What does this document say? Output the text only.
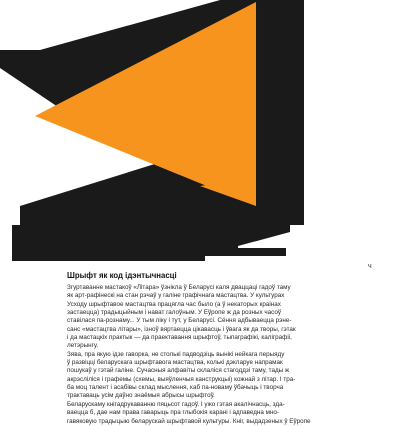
Шрыфт як код ідэнтычнасці
Згуртаванне мастакоў «Літара» ўзнікла ў Беларусі каля дваццаці гадоў таму
як арт-рафінескі на стан рэчаў у галіне графічнага мастацтва. У культурах
Усходу шрыфтавое мастацтва працягла час было (а ў некаторых краінах
застаецца) традыцыйным і нават галоўным. У Еўропе ж да розных часоў
ставілася па-рознаму... У тым ліку і тут, у Беларусі. Сёння адбываецца рэне-
санс «мастацтва літары», ізноў вяртаецца цікавасць і ўвага як да творы, гэтак
і да мастацкіх практык — да праектавання шрыфтоў, тыпаграфікі, каліграфіі,
летэрынгу.
Зява, пра якую ідзе гаворка, не столькі падводзіць вынікі нейкага перыяду
ў развіцці беларускага шрыфтавога мастацтва, колькі дэкларуе напрамак
пошукаў у гэтай галіне. Сучасныя алфавіты склаліся стагоддзі таму, тады ж
акрэсліліся і графемы (схемы, выяўленчыя канструкцыі) кожнай з літар. І тра-
ба моц талент і асабівы склад мыслення, каб па-новаму ўбачыць і творча
трактаваць усім даўно знаёмыя абрысы шрыфтоў.
Беларускаму кнігадрукаванню пяцьсот гадоў. І ужо гэтая акалічнасць, зда-
ваецца б, дае нам права гаварыць пра глыбокія карані і адпаведна мно-
гавяковую традыцыю беларускай шрыфтавой культуры. Кніг, выдадзеных ў Еўропе
ч
